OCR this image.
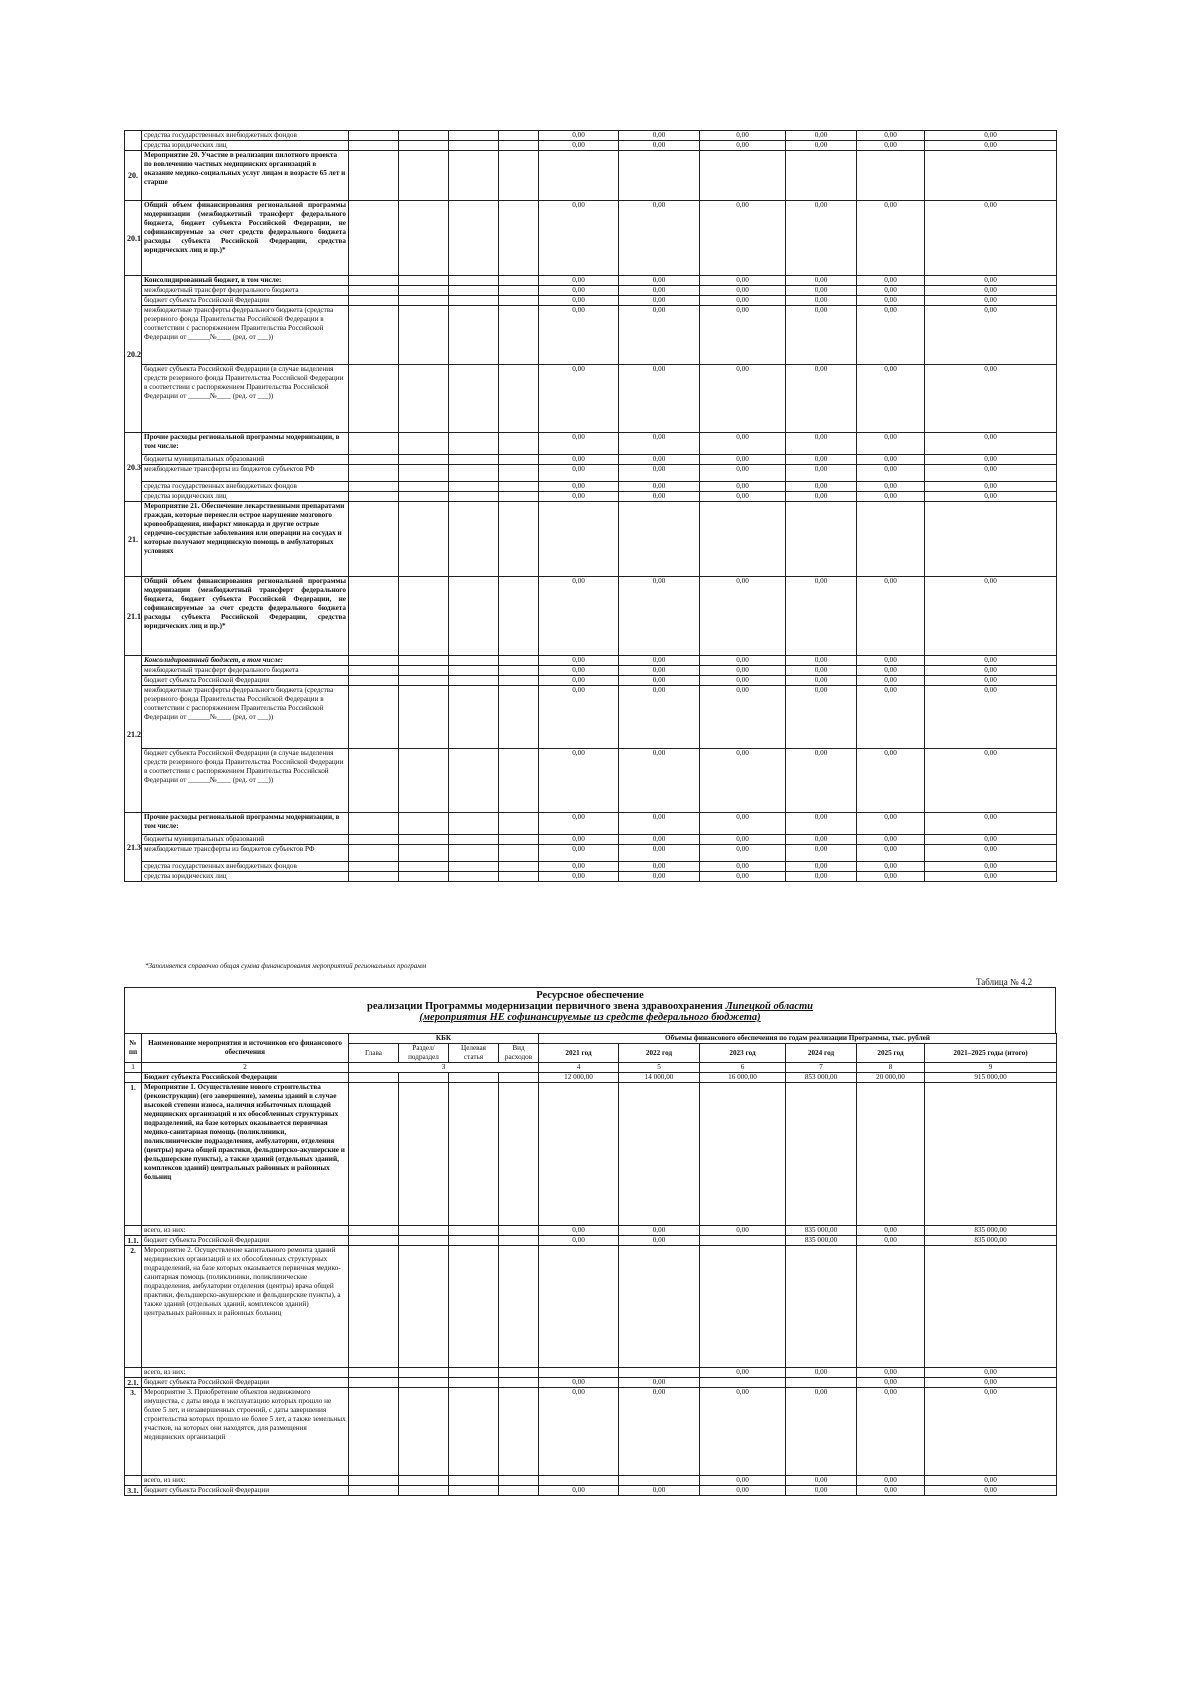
	средства государственных внебюджетных фондов					0,00	0,00	0,00	0,00	0,00	0,00
	средства юридических лиц					0,00	0,00	0,00	0,00	0,00	0,00
20.	Мероприятие 20. Участие в реализации пилотного проекта по вовлечению частных медицинских организаций в оказание медико-социальных услуг лицам в возрасте 65 лет и старше										
20.1	Общий объем финансирования региональной программы модернизации (межбюджетный трансферт федерального бюджета, бюджет субъекта Российской Федерации, не софинансируемые за счет средств федерального бюджета расходы субъекта Российской Федерации, средства юридических лиц и пр.)*					0,00	0,00	0,00	0,00	0,00	0,00
20.2	Консолидированный бюджет, в том числе:					0,00	0,00	0,00	0,00	0,00	0,00
	межбюджетный трансферт федерального бюджета					0,00	0,00	0,00	0,00	0,00	0,00
	бюджет субъекта Российской Федерации					0,00	0,00	0,00	0,00	0,00	0,00
	межбюджетные трансферты федерального бюджета (средства резервного фонда Правительства Российской Федерации в соответствии с распоряжением Правительства Российской Федерации от ______№____ (ред. от ___))					0,00	0,00	0,00	0,00	0,00	0,00
	бюджет субъекта Российской Федерации (в случае выделения средств резервного фонда Правительства Российской Федерации в соответствии с распоряжением Правительства Российской Федерации от ______№____ (ред. от ___))					0,00	0,00	0,00	0,00	0,00	0,00
20.3	Прочие расходы региональной программы модернизации, в том числе:					0,00	0,00	0,00	0,00	0,00	0,00
	бюджеты муниципальных образований					0,00	0,00	0,00	0,00	0,00	0,00
	межбюджетные трансферты из бюджетов субъектов РФ					0,00	0,00	0,00	0,00	0,00	0,00
	средства государственных внебюджетных фондов					0,00	0,00	0,00	0,00	0,00	0,00
	средства юридических лиц					0,00	0,00	0,00	0,00	0,00	0,00
21.	Мероприятие 21. Обеспечение лекарственными препаратами граждан, которые перенесли острое нарушение мозгового кровообращения, инфаркт миокарда и другие острые сердечно-сосудистые заболевания или операции на сосудах и которые получают медицинскую помощь в амбулаторных условиях										
21.1	Общий объем финансирования региональной программы модернизации (межбюджетный трансферт федерального бюджета, бюджет субъекта Российской Федерации, не софинансируемые за счет средств федерального бюджета расходы субъекта Российской Федерации, средства юридических лиц и пр.)*					0,00	0,00	0,00	0,00	0,00	0,00
21.2	Консолидированный бюджет, в том числе:					0,00	0,00	0,00	0,00	0,00	0,00
	межбюджетный трансферт федерального бюджета					0,00	0,00	0,00	0,00	0,00	0,00
	бюджет субъекта Российской Федерации					0,00	0,00	0,00	0,00	0,00	0,00
	межбюджетные трансферты федерального бюджета (средства резервного фонда Правительства Российской Федерации в соответствии с распоряжением Правительства Российской Федерации от ______№____ (ред. от ___))					0,00	0,00	0,00	0,00	0,00	0,00
	бюджет субъекта Российской Федерации (в случае выделения средств резервного фонда Правительства Российской Федерации в соответствии с распоряжением Правительства Российской Федерации от ______№____ (ред. от ___))					0,00	0,00	0,00	0,00	0,00	0,00
21.3	Прочие расходы региональной программы модернизации, в том числе:					0,00	0,00	0,00	0,00	0,00	0,00
	бюджеты муниципальных образований					0,00	0,00	0,00	0,00	0,00	0,00
	межбюджетные трансферты из бюджетов субъектов РФ					0,00	0,00	0,00	0,00	0,00	0,00
	средства государственных внебюджетных фондов					0,00	0,00	0,00	0,00	0,00	0,00
	средства юридических лиц					0,00	0,00	0,00	0,00	0,00	0,00
*Заполняется справочно общая сумма финансирования мероприятий региональных программ
Таблица № 4.2
Ресурсное обеспечение
реализации Программы модернизации первичного звена здравоохранения Липецкой области
(мероприятия НЕ софинансируемые из средств федерального бюджета)
№ пп	Наименование мероприятия и источников его финансового обеспечения	КБК				Объемы финансового обеспечения по годам реализации Программы, тыс. рублей					
		Глава	Раздел/ подраздел	Целевая статья	Вид расходов	2021 год	2022 год	2023 год	2024 год	2025 год	2021–2025 годы (итого)
1	2	3				4	5	6	7	8	9
	Бюджет субъекта Российской Федерации					12 000,00	14 000,00	16 000,00	853 000,00	20 000,00	915 000,00
1.	Мероприятие 1. Осуществление нового строительства (реконструкции) (его завершение), замены зданий в случае высокой степени износа, наличия избыточных площадей медицинских организаций и их обособленных структурных подразделений, на базе которых оказывается первичная медико-санитарная помощь (поликлиники, поликлинические подразделения, амбулатории, отделения (центры) врача общей практики, фельдшерско-акушерские и фельдшерские пункты), а также зданий (отдельных зданий, комплексов зданий) центральных районных и районных больниц										
	всего, из них:					0,00	0,00	0,00	835 000,00	0,00	835 000,00
1.1.	бюджет субъекта Российской Федерации					0,00	0,00		835 000,00	0,00	835 000,00
2.	Мероприятие 2. Осуществление капитального ремонта зданий медицинских организаций и их обособленных структурных подразделений, на базе которых оказывается первичная медико-санитарная помощь (поликлиники, поликлинические подразделения, амбулатории отделения (центры) врача общей практики, фельдшерско-акушерские и фельдшерские пункты), а также зданий (отдельных зданий, комплексов зданий) центральных районных и районных больниц										
	всего, из них:							0,00	0,00	0,00	0,00
2.1.	бюджет субъекта Российской Федерации					0,00	0,00			0,00	0,00
3.	Мероприятие 3. Приобретение объектов недвижимого имущества, с даты ввода в эксплуатацию которых прошло не более 5 лет, и незавершенных строений, с даты завершения строительства которых прошло не более 5 лет, а также земельных участков, на которых они находятся, для размещения медицинских организаций					0,00	0,00	0,00	0,00	0,00	0,00
	всего, из них:							0,00	0,00	0,00	0,00
3.1.	бюджет субъекта Российской Федерации					0,00	0,00	0,00	0,00	0,00	0,00
